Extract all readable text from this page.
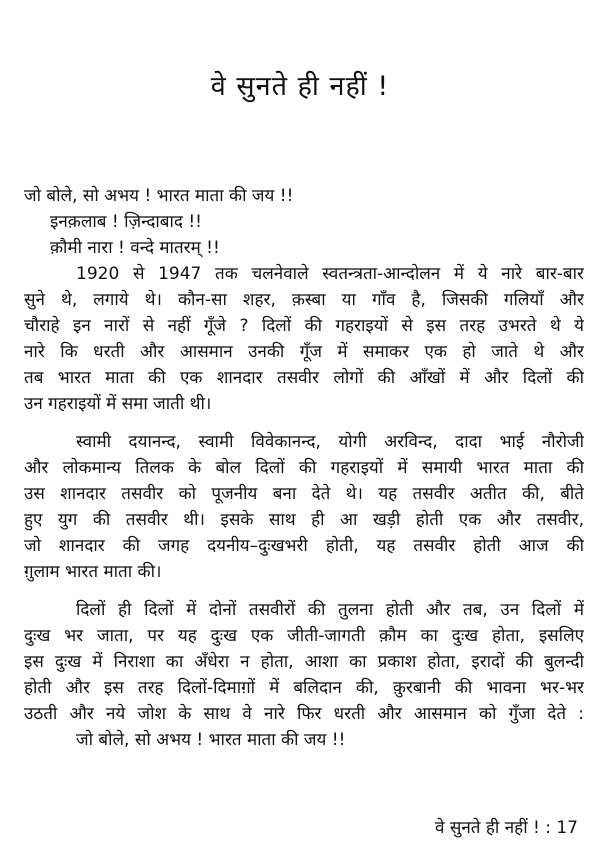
वे सुनते ही नहीं !
जो बोले, सो अभय ! भारत माता की जय !!
इनक़लाब ! ज़िन्दाबाद !!
क़ौमी नारा ! वन्दे मातरम् !!
1920 से 1947 तक चलनेवाले स्वतन्त्रता-आन्दोलन में ये नारे बार-बार
सुने थे, लगाये थे। कौन-सा शहर, क़स्बा या गाँव है, जिसकी गलियाँ और
चौराहे इन नारों से नहीं गूँजे ? दिलों की गहराइयों से इस तरह उभरते थे ये
नारे कि धरती और आसमान उनकी गूँज में समाकर एक हो जाते थे और
तब भारत माता की एक शानदार तसवीर लोगों की आँखों में और दिलों की
उन गहराइयों में समा जाती थी।
स्वामी दयानन्द, स्वामी विवेकानन्द, योगी अरविन्द, दादा भाई नौरोजी
और लोकमान्य तिलक के बोल दिलों की गहराइयों में समायी भारत माता की
उस शानदार तसवीर को पूजनीय बना देते थे। यह तसवीर अतीत की, बीते
हुए युग की तसवीर थी। इसके साथ ही आ खड़ी होती एक और तसवीर,
जो शानदार की जगह दयनीय–दुःखभरी होती, यह तसवीर होती आज की
ग़ुलाम भारत माता की।
दिलों ही दिलों में दोनों तसवीरों की तुलना होती और तब, उन दिलों में
दुःख भर जाता, पर यह दुःख एक जीती-जागती क़ौम का दुःख होता, इसलिए
इस दुःख में निराशा का अँधेरा न होता, आशा का प्रकाश होता, इरादों की बुलन्दी
होती और इस तरह दिलों-दिमाग़ों में बलिदान की, क़ुरबानी की भावना भर-भर
उठती और नये जोश के साथ वे नारे फिर धरती और आसमान को गुँजा देते :
जो बोले, सो अभय ! भारत माता की जय !!
वे सुनते ही नहीं ! : 17
